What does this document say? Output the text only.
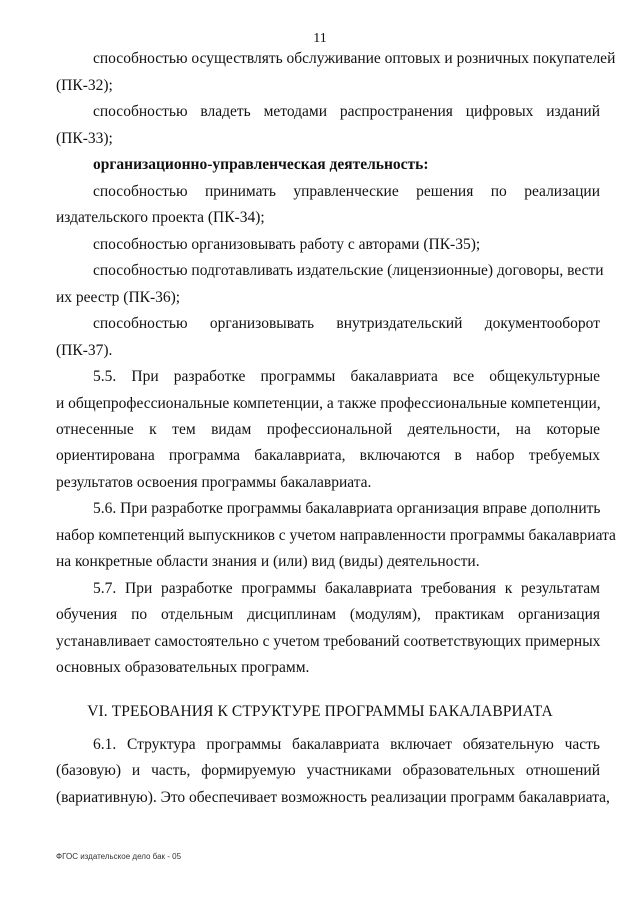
11
способностью осуществлять обслуживание оптовых и розничных покупателей
(ПК-32);
способностью владеть методами распространения цифровых изданий
(ПК-33);
организационно-управленческая деятельность:
способностью принимать управленческие решения по реализации
издательского проекта (ПК-34);
способностью организовывать работу с авторами (ПК-35);
способностью подготавливать издательские (лицензионные) договоры, вести
их реестр (ПК-36);
способностью организовывать внутриздательский документооборот
(ПК-37).
5.5. При разработке программы бакалавриата все общекультурные
и общепрофессиональные компетенции, а также профессиональные компетенции,
отнесенные к тем видам профессиональной деятельности, на которые
ориентирована программа бакалавриата, включаются в набор требуемых
результатов освоения программы бакалавриата.
5.6. При разработке программы бакалавриата организация вправе дополнить
набор компетенций выпускников с учетом направленности программы бакалавриата
на конкретные области знания и (или) вид (виды) деятельности.
5.7. При разработке программы бакалавриата требования к результатам
обучения по отдельным дисциплинам (модулям), практикам организация
устанавливает самостоятельно с учетом требований соответствующих примерных
основных образовательных программ.
VI. ТРЕБОВАНИЯ К СТРУКТУРЕ ПРОГРАММЫ БАКАЛАВРИАТА
6.1. Структура программы бакалавриата включает обязательную часть
(базовую) и часть, формируемую участниками образовательных отношений
(вариативную). Это обеспечивает возможность реализации программ бакалавриата,
ФГОС издательское дело бак - 05
